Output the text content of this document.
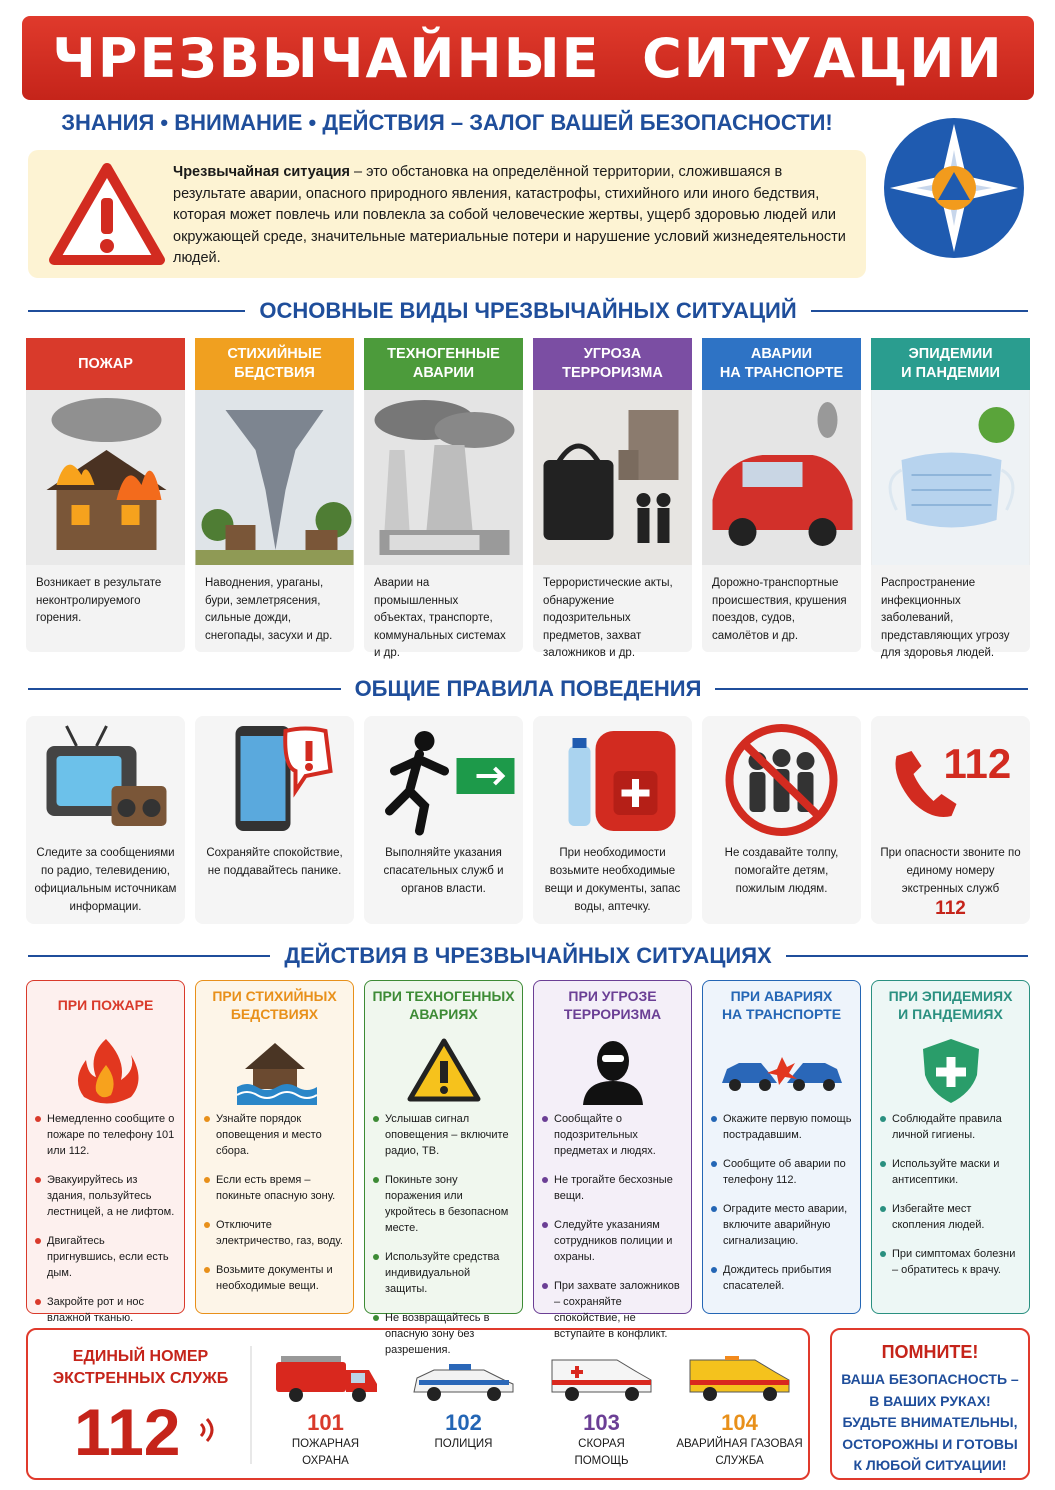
ЧРЕЗВЫЧАЙНЫЕ  СИТУАЦИИ
ЗНАНИЯ • ВНИМАНИЕ • ДЕЙСТВИЯ – ЗАЛОГ ВАШЕЙ БЕЗОПАСНОСТИ!
Чрезвычайная ситуация – это обстановка на определённой территории, сложившаяся в результате аварии, опасного природного явления, катастрофы, стихийного или иного бедствия, которая может повлечь или повлекла за собой человеческие жертвы, ущерб здоровью людей или окружающей среде, значительные материальные потери и нарушение условий жизнедеятельности людей.
ОСНОВНЫЕ ВИДЫ ЧРЕЗВЫЧАЙНЫХ СИТУАЦИЙ
ПОЖАР
Возникает в результате неконтролируемого горения.
СТИХИЙНЫЕ БЕДСТВИЯ
Наводнения, ураганы, бури, землетрясения, сильные дожди, снегопады, засухи и др.
ТЕХНОГЕННЫЕ
АВАРИИ
Аварии на промышленных объектах, транспорте, коммунальных системах и др.
УГРОЗА
ТЕРРОРИЗМА
Террористические акты, обнаружение подозрительных предметов, захват заложников и др.
АВАРИИ
НА ТРАНСПОРТЕ
Дорожно-транспортные происшествия, крушения поездов, судов, самолётов и др.
ЭПИДЕМИИ
И ПАНДЕМИИ
Распространение инфекционных заболеваний, представляющих угрозу для здоровья людей.
ОБЩИЕ ПРАВИЛА ПОВЕДЕНИЯ
Следите за сообщениями по радио, телевидению, официальным источникам информации.
Сохраняйте спокойствие, не поддавайтесь панике.
Выполняйте указания спасательных служб и органов власти.
При необходимости возьмите необходимые вещи и документы, запас воды, аптечку.
Не создавайте толпу, помогайте детям, пожилым людям.
112
При опасности звоните по единому номеру экстренных служб
112
ДЕЙСТВИЯ В ЧРЕЗВЫЧАЙНЫХ СИТУАЦИЯХ
ПРИ ПОЖАРЕ
Немедленно сообщите о пожаре по телефону 101 или 112.
Эвакуируйтесь из здания, пользуйтесь лестницей, а не лифтом.
Двигайтесь пригнувшись, если есть дым.
Закройте рот и нос влажной тканью.
ПРИ СТИХИЙНЫХ
БЕДСТВИЯХ
Узнайте порядок оповещения и место сбора.
Если есть время – покиньте опасную зону.
Отключите электричество, газ, воду.
Возьмите документы и необходимые вещи.
ПРИ ТЕХНОГЕННЫХ
АВАРИЯХ
Услышав сигнал оповещения – включите радио, ТВ.
Покиньте зону поражения или укройтесь в безопасном месте.
Используйте средства индивидуальной защиты.
Не возвращайтесь в опасную зону без разрешения.
ПРИ УГРОЗЕ
ТЕРРОРИЗМА
Сообщайте о подозрительных предметах и людях.
Не трогайте бесхозные вещи.
Следуйте указаниям сотрудников полиции и охраны.
При захвате заложников – сохраняйте спокойствие, не вступайте в конфликт.
ПРИ АВАРИЯХ
НА ТРАНСПОРТЕ
Окажите первую помощь пострадавшим.
Сообщите об аварии по телефону 112.
Оградите место аварии, включите аварийную сигнализацию.
Дождитесь прибытия спасателей.
ПРИ ЭПИДЕМИЯХ
И ПАНДЕМИЯХ
Соблюдайте правила личной гигиены.
Используйте маски и антисептики.
Избегайте мест скопления людей.
При симптомах болезни – обратитесь к врачу.
ЕДИНЫЙ НОМЕР
ЭКСТРЕННЫХ СЛУЖБ
112	101
ПОЖАРНАЯ
ОХРАНА
102
ПОЛИЦИЯ
103
СКОРАЯ
ПОМОЩЬ
104
АВАРИЙНАЯ ГАЗОВАЯ
СЛУЖБА
ПОМНИТЕ!
ВАША БЕЗОПАСНОСТЬ – В ВАШИХ РУКАХ!
БУДЬТЕ ВНИМАТЕЛЬНЫ, ОСТОРОЖНЫ И ГОТОВЫ К ЛЮБОЙ СИТУАЦИИ!
